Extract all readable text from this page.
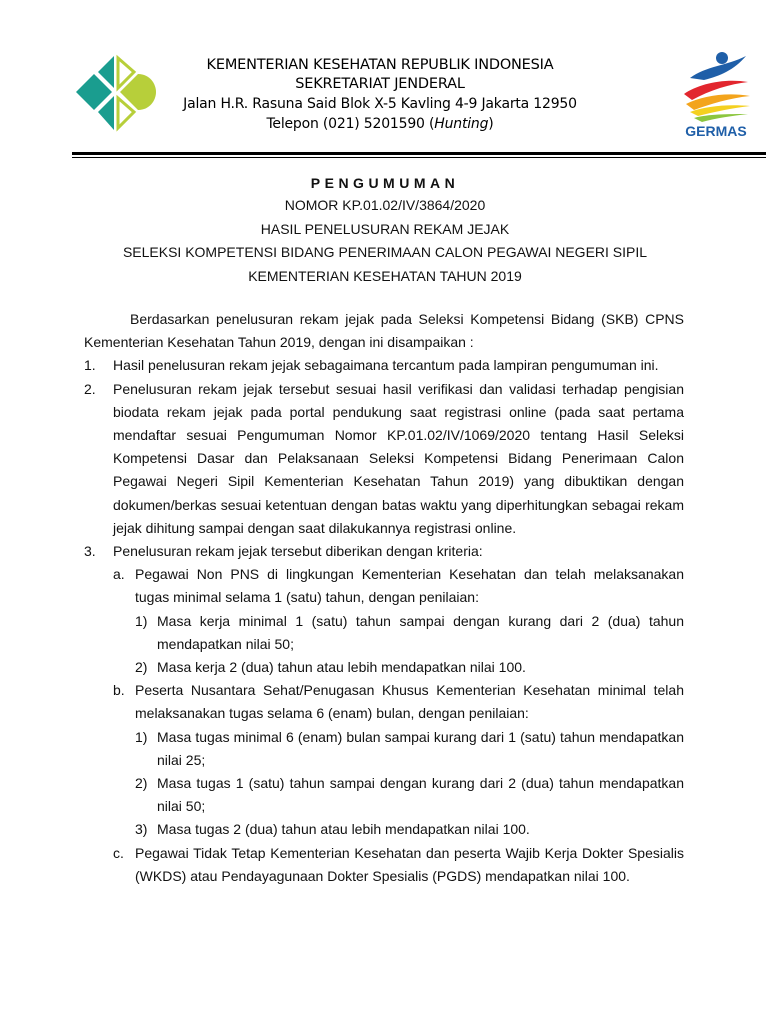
KEMENTERIAN KESEHATAN REPUBLIK INDONESIA
SEKRETARIAT JENDERAL
Jalan H.R. Rasuna Said Blok X-5 Kavling 4-9 Jakarta 12950
Telepon (021) 5201590 (Hunting)	GERMAS
PENGUMUMAN
NOMOR KP.01.02/IV/3864/2020
HASIL PENELUSURAN REKAM JEJAK
SELEKSI KOMPETENSI BIDANG PENERIMAAN CALON PEGAWAI NEGERI SIPIL
KEMENTERIAN KESEHATAN TAHUN 2019

Berdasarkan penelusuran rekam jejak pada Seleksi Kompetensi Bidang (SKB) CPNS Kementerian Kesehatan Tahun 2019, dengan ini disampaikan :

1.	Hasil penelusuran rekam jejak sebagaimana tercantum pada lampiran pengumuman ini.
2.	Penelusuran rekam jejak tersebut sesuai hasil verifikasi dan validasi terhadap pengisian biodata rekam jejak pada portal pendukung saat registrasi online (pada saat pertama mendaftar sesuai Pengumuman Nomor KP.01.02/IV/1069/2020 tentang Hasil Seleksi Kompetensi Dasar dan Pelaksanaan Seleksi Kompetensi Bidang Penerimaan Calon Pegawai Negeri Sipil Kementerian Kesehatan Tahun 2019) yang dibuktikan dengan dokumen/berkas sesuai ketentuan dengan batas waktu yang diperhitungkan sebagai rekam jejak dihitung sampai dengan saat dilakukannya registrasi online.
3.	Penelusuran rekam jejak tersebut diberikan dengan kriteria:
a. Pegawai Non PNS di lingkungan Kementerian Kesehatan dan telah melaksanakan tugas minimal selama 1 (satu) tahun, dengan penilaian:
1) Masa kerja minimal 1 (satu) tahun sampai dengan kurang dari 2 (dua) tahun mendapatkan nilai 50;
2) Masa kerja 2 (dua) tahun atau lebih mendapatkan nilai 100.
b. Peserta Nusantara Sehat/Penugasan Khusus Kementerian Kesehatan minimal telah melaksanakan tugas selama 6 (enam) bulan, dengan penilaian:
1) Masa tugas minimal 6 (enam) bulan sampai kurang dari 1 (satu) tahun mendapatkan nilai 25;
2) Masa tugas 1 (satu) tahun sampai dengan kurang dari 2 (dua) tahun mendapatkan nilai 50;
3) Masa tugas 2 (dua) tahun atau lebih mendapatkan nilai 100.
c. Pegawai Tidak Tetap Kementerian Kesehatan dan peserta Wajib Kerja Dokter Spesialis (WKDS) atau Pendayagunaan Dokter Spesialis (PGDS) mendapatkan nilai 100.
